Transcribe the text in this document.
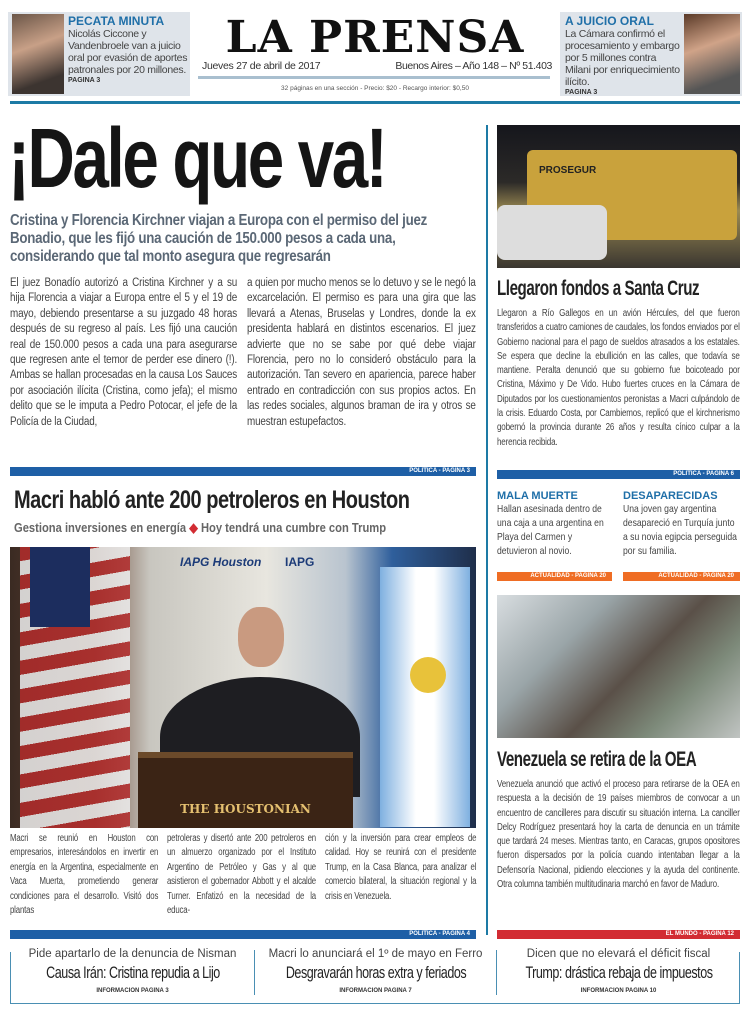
PECATA MINUTA
Nicolás Ciccone y Vandenbroele van a juicio oral por evasión de aportes patronales por 20 millones.
PAGINA 3
LA PRENSA
Jueves 27 de abril de 2017	Buenos Aires – Año 148 – Nº 51.403
32 páginas en una sección - Precio: $20 - Recargo interior: $0,50
A JUICIO ORAL
La Cámara confirmó el procesamiento y embargo por 5 millones contra Milani por enriquecimiento ilícito.
PAGINA 3
¡Dale que va!
Cristina y Florencia Kirchner viajan a Europa con el permiso del juez Bonadio, que les fijó una caución de 150.000 pesos a cada una, considerando que tal monto asegura que regresarán
El juez Bonadío autorizó a Cristina Kirchner y a su hija Florencia a viajar a Europa entre el 5 y el 19 de mayo, debiendo presentarse a su juzgado 48 horas después de su regreso al país. Les fijó una caución real de 150.000 pesos a cada una para asegurarse que regresen ante el temor de perder ese dinero (!). Ambas se hallan procesadas en la causa Los Sauces por asociación ilícita (Cristina, como jefa); el mismo delito que se le imputa a Pedro Potocar, el jefe de la Policía de la Ciudad,
a quien por mucho menos se lo detuvo y se le negó la excarcelación. El permiso es para una gira que las llevará a Atenas, Bruselas y Londres, donde la ex presidenta hablará en distintos escenarios. El juez advierte que no se sabe por qué debe viajar Florencia, pero no lo consideró obstáculo para la autorización. Tan severo en apariencia, parece haber entrado en contradicción con sus propios actos. En las redes sociales, algunos braman de ira y otros se muestran estupefactos.
POLITICA - PAGINA 3
Macri habló ante 200 petroleros en Houston
Gestiona inversiones en energía ◆ Hoy tendrá una cumbre con Trump
IAPG Houston IAPG
THE HOUSTONIAN
Macri se reunió en Houston con empresarios, interesándolos en invertir en energía en la Argentina, especialmente en Vaca Muerta, prometiendo generar condiciones para el desarrollo. Visitó dos plantas
petroleras y disertó ante 200 petroleros en un almuerzo organizado por el Instituto Argentino de Petróleo y Gas y al que asistieron el gobernador Abbott y el alcalde Turner. Enfatizó en la necesidad de la educa-
ción y la inversión para crear empleos de calidad. Hoy se reunirá con el presidente Trump, en la Casa Blanca, para analizar el comercio bilateral, la situación regional y la crisis en Venezuela.
POLITICA - PAGINA 4
PROSEGUR
Llegaron fondos a Santa Cruz
Llegaron a Río Gallegos en un avión Hércules, del que fueron transferidos a cuatro camiones de caudales, los fondos enviados por el Gobierno nacional para el pago de sueldos atrasados a los estatales. Se espera que decline la ebullición en las calles, que todavía se mantiene. Peralta denunció que su gobierno fue boicoteado por Cristina, Máximo y De Vido. Hubo fuertes cruces en la Cámara de Diputados por los cuestionamientos peronistas a Macri culpándolo de la crisis. Eduardo Costa, por Cambiemos, replicó que el kirchnerismo gobernó la provincia durante 26 años y resulta cínico culpar a la herencia recibida.
POLITICA - PAGINA 6
MALA MUERTE
Hallan asesinada dentro de una caja a una argentina en Playa del Carmen y detuvieron al novio.
ACTUALIDAD - PAGINA 20
DESAPARECIDAS
Una joven gay argentina desapareció en Turquía junto a su novia egipcia perseguida por su familia.
ACTUALIDAD - PAGINA 20
Venezuela se retira de la OEA
Venezuela anunció que activó el proceso para retirarse de la OEA en respuesta a la decisión de 19 países miembros de convocar a un encuentro de cancilleres para discutir su situación interna. La canciller Delcy Rodríguez presentará hoy la carta de denuncia en un trámite que tardará 24 meses. Mientras tanto, en Caracas, grupos opositores fueron dispersados por la policía cuando intentaban llegar a la Defensoría Nacional, pidiendo elecciones y la ayuda del continente. Otra columna también multitudinaria marchó en favor de Maduro.
EL MUNDO - PAGINA 12
Pide apartarlo de la denuncia de Nisman
Causa Irán: Cristina repudia a Lijo
INFORMACION PAGINA 3
Macri lo anunciará el 1º de mayo en Ferro
Desgravarán horas extra y feriados
INFORMACION PAGINA 7
Dicen que no elevará el déficit fiscal
Trump: drástica rebaja de impuestos
INFORMACION PAGINA 10
